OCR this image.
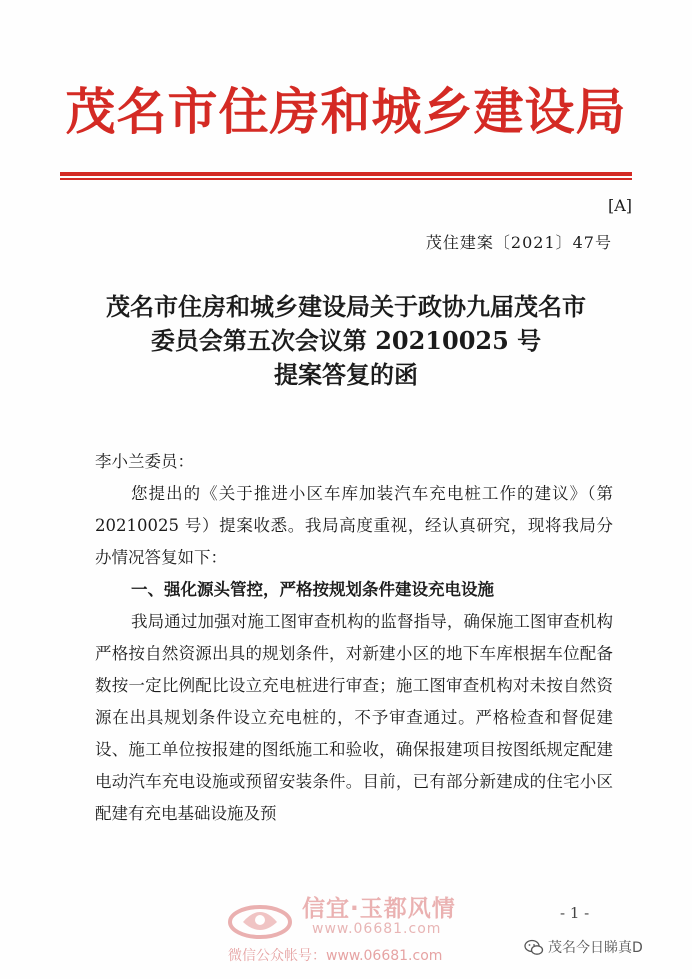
茂名市住房和城乡建设局
[A]
茂住建案〔2021〕47号
茂名市住房和城乡建设局关于政协九届茂名市
委员会第五次会议第 20210025 号
提案答复的函

李小兰委员：

您提出的《关于推进小区车库加装汽车充电桩工作的建议》（第 20210025 号）提案收悉。我局高度重视，经认真研究，现将我局分办情况答复如下：

一、强化源头管控，严格按规划条件建设充电设施

我局通过加强对施工图审查机构的监督指导，确保施工图审查机构严格按自然资源出具的规划条件，对新建小区的地下车库根据车位配备数按一定比例配比设立充电桩进行审查；施工图审查机构对未按自然资源在出具规划条件设立充电桩的，不予审查通过。严格检查和督促建设、施工单位按报建的图纸施工和验收，确保报建项目按图纸规定配建电动汽车充电设施或预留安装条件。目前，已有部分新建成的住宅小区配建有充电基础设施及预

- 1 -
信宜·玉都风情
www.06681.com
微信公众帐号：www.06681.com	茂名今日睇真D
